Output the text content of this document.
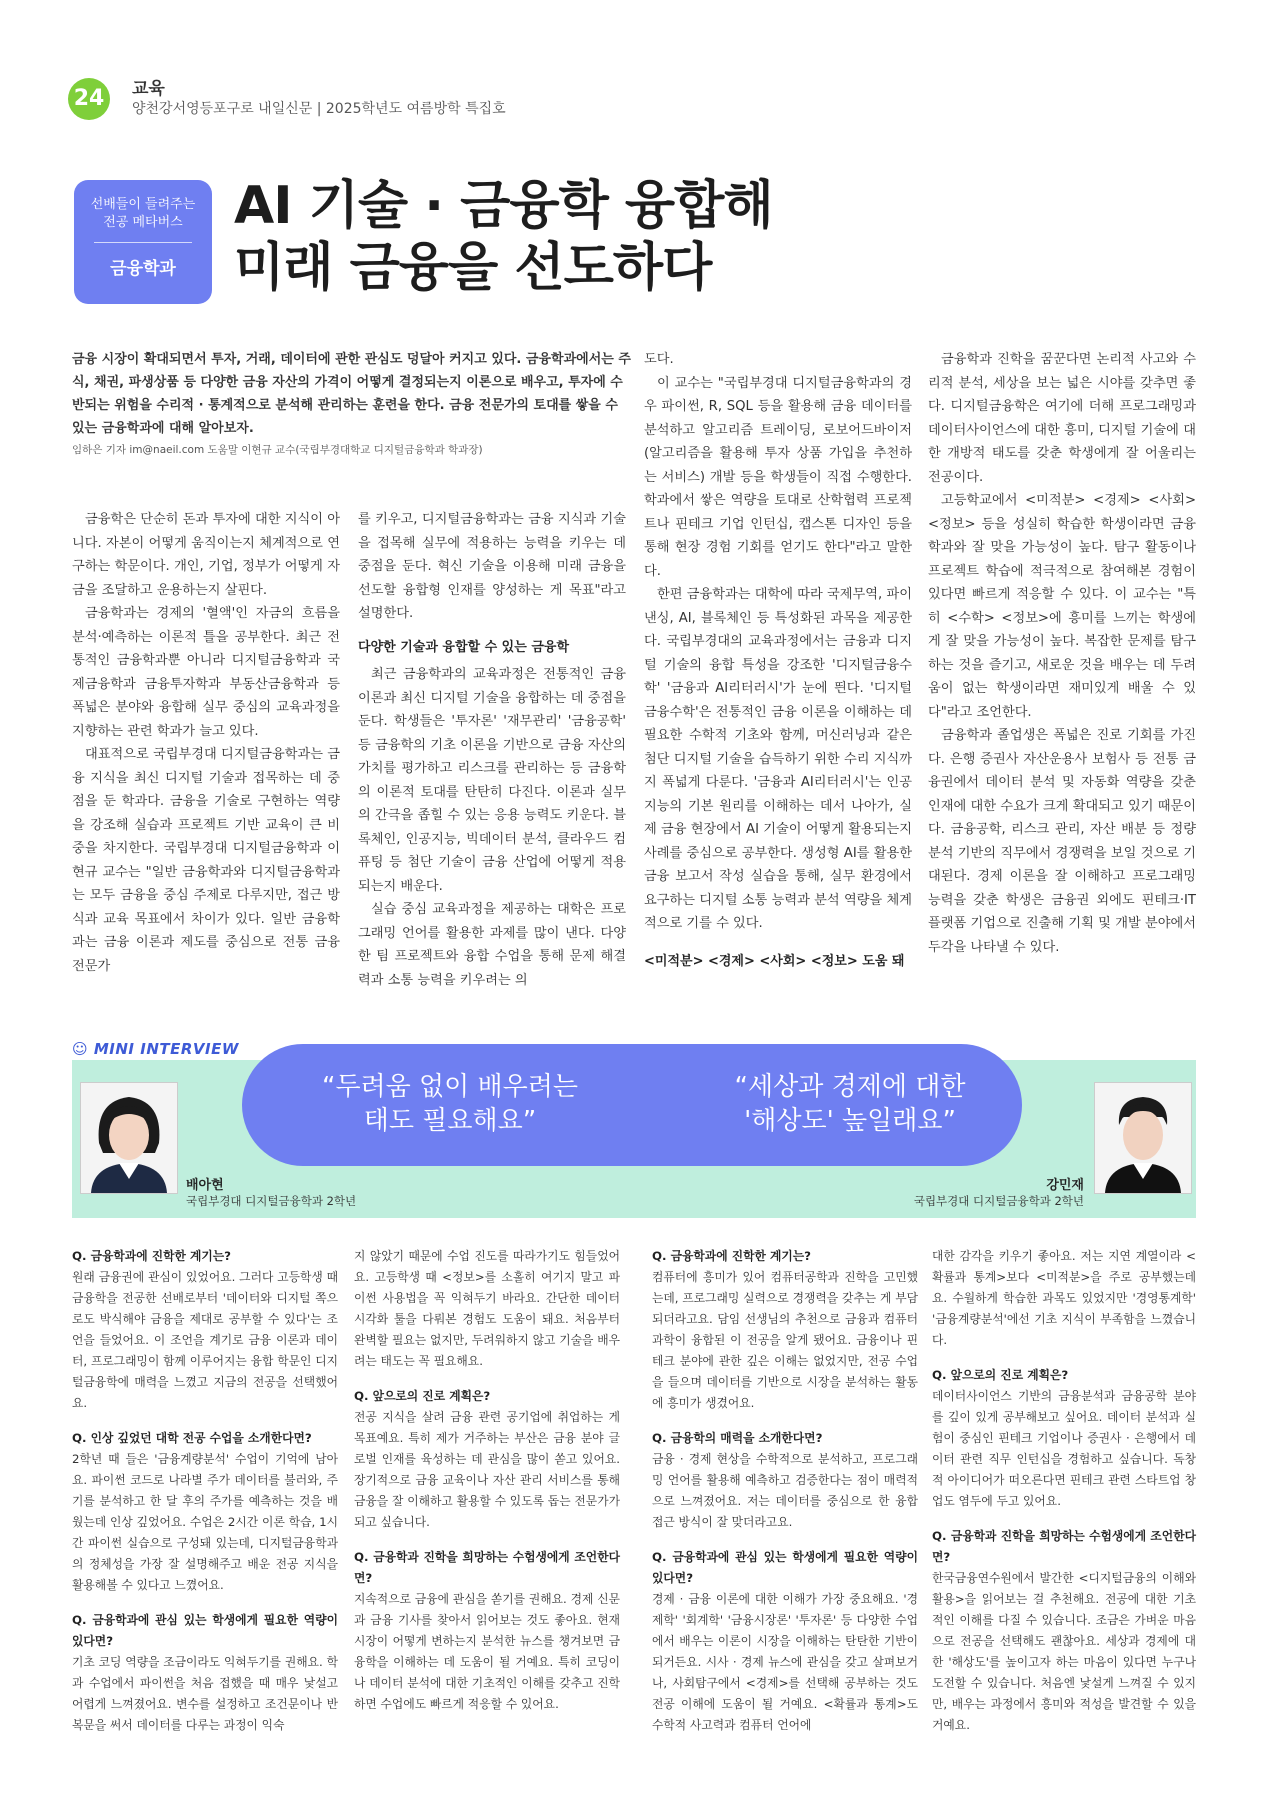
24	교육
양천강서영등포구로 내일신문 | 2025학년도 여름방학 특집호
선배들이 들려주는
전공 메타버스
금융학과
AI 기술 · 금융학 융합해
미래 금융을 선도하다
금융 시장이 확대되면서 투자, 거래, 데이터에 관한 관심도 덩달아 커지고 있다. 금융학과에서는 주식, 채권, 파생상품 등 다양한 금융 자산의 가격이 어떻게 결정되는지 이론으로 배우고, 투자에 수반되는 위험을 수리적 · 통계적으로 분석해 관리하는 훈련을 한다. 금융 전문가의 토대를 쌓을 수 있는 금융학과에 대해 알아보자.
임하은 기자 im@naeil.com 도움말 이현규 교수(국립부경대학교 디지털금융학과 학과장)

금융학은 단순히 돈과 투자에 대한 지식이 아니다. 자본이 어떻게 움직이는지 체계적으로 연구하는 학문이다. 개인, 기업, 정부가 어떻게 자금을 조달하고 운용하는지 살핀다.

금융학과는 경제의 '혈액'인 자금의 흐름을 분석·예측하는 이론적 틀을 공부한다. 최근 전통적인 금융학과뿐 아니라 디지털금융학과 국제금융학과 금융투자학과 부동산금융학과 등 폭넓은 분야와 융합해 실무 중심의 교육과정을 지향하는 관련 학과가 늘고 있다.

대표적으로 국립부경대 디지털금융학과는 금융 지식을 최신 디지털 기술과 접목하는 데 중점을 둔 학과다. 금융을 기술로 구현하는 역량을 강조해 실습과 프로젝트 기반 교육이 큰 비중을 차지한다. 국립부경대 디지털금융학과 이현규 교수는 "일반 금융학과와 디지털금융학과는 모두 금융을 중심 주제로 다루지만, 접근 방식과 교육 목표에서 차이가 있다. 일반 금융학과는 금융 이론과 제도를 중심으로 전통 금융 전문가

를 키우고, 디지털금융학과는 금융 지식과 기술을 접목해 실무에 적용하는 능력을 키우는 데 중점을 둔다. 혁신 기술을 이용해 미래 금융을 선도할 융합형 인재를 양성하는 게 목표"라고 설명한다.

다양한 기술과 융합할 수 있는 금융학

최근 금융학과의 교육과정은 전통적인 금융 이론과 최신 디지털 기술을 융합하는 데 중점을 둔다. 학생들은 '투자론' '재무관리' '금융공학' 등 금융학의 기초 이론을 기반으로 금융 자산의 가치를 평가하고 리스크를 관리하는 등 금융학의 이론적 토대를 탄탄히 다진다. 이론과 실무의 간극을 좁힐 수 있는 응용 능력도 키운다. 블록체인, 인공지능, 빅데이터 분석, 클라우드 컴퓨팅 등 첨단 기술이 금융 산업에 어떻게 적용되는지 배운다.

실습 중심 교육과정을 제공하는 대학은 프로그래밍 언어를 활용한 과제를 많이 낸다. 다양한 팀 프로젝트와 융합 수업을 통해 문제 해결력과 소통 능력을 키우려는 의

도다.

이 교수는 "국립부경대 디지털금융학과의 경우 파이썬, R, SQL 등을 활용해 금융 데이터를 분석하고 알고리즘 트레이딩, 로보어드바이저(알고리즘을 활용해 투자 상품 가입을 추천하는 서비스) 개발 등을 학생들이 직접 수행한다. 학과에서 쌓은 역량을 토대로 산학협력 프로젝트나 핀테크 기업 인턴십, 캡스톤 디자인 등을 통해 현장 경험 기회를 얻기도 한다"라고 말한다.

한편 금융학과는 대학에 따라 국제무역, 파이낸싱, AI, 블록체인 등 특성화된 과목을 제공한다. 국립부경대의 교육과정에서는 금융과 디지털 기술의 융합 특성을 강조한 '디지털금융수학' '금융과 AI리터러시'가 눈에 띈다. '디지털금융수학'은 전통적인 금융 이론을 이해하는 데 필요한 수학적 기초와 함께, 머신러닝과 같은 첨단 디지털 기술을 습득하기 위한 수리 지식까지 폭넓게 다룬다. '금융과 AI리터러시'는 인공지능의 기본 원리를 이해하는 데서 나아가, 실제 금융 현장에서 AI 기술이 어떻게 활용되는지 사례를 중심으로 공부한다. 생성형 AI를 활용한 금융 보고서 작성 실습을 통해, 실무 환경에서 요구하는 디지털 소통 능력과 분석 역량을 체계적으로 기를 수 있다.

<미적분> <경제> <사회> <정보> 도움 돼

금융학과 진학을 꿈꾼다면 논리적 사고와 수리적 분석, 세상을 보는 넓은 시야를 갖추면 좋다. 디지털금융학은 여기에 더해 프로그래밍과 데이터사이언스에 대한 흥미, 디지털 기술에 대한 개방적 태도를 갖춘 학생에게 잘 어울리는 전공이다.

고등학교에서 <미적분> <경제> <사회> <정보> 등을 성실히 학습한 학생이라면 금융학과와 잘 맞을 가능성이 높다. 탐구 활동이나 프로젝트 학습에 적극적으로 참여해본 경험이 있다면 빠르게 적응할 수 있다. 이 교수는 "특히 <수학> <정보>에 흥미를 느끼는 학생에게 잘 맞을 가능성이 높다. 복잡한 문제를 탐구하는 것을 즐기고, 새로운 것을 배우는 데 두려움이 없는 학생이라면 재미있게 배울 수 있다"라고 조언한다.

금융학과 졸업생은 폭넓은 진로 기회를 가진다. 은행 증권사 자산운용사 보험사 등 전통 금융권에서 데이터 분석 및 자동화 역량을 갖춘 인재에 대한 수요가 크게 확대되고 있기 때문이다. 금융공학, 리스크 관리, 자산 배분 등 정량 분석 기반의 직무에서 경쟁력을 보일 것으로 기대된다. 경제 이론을 잘 이해하고 프로그래밍 능력을 갖춘 학생은 금융권 외에도 핀테크·IT 플랫폼 기업으로 진출해 기획 및 개발 분야에서 두각을 나타낼 수 있다.

☺ MINI INTERVIEW
“두려움 없이 배우려는
태도 필요해요”
“세상과 경제에 대한
'해상도' 높일래요”
배아현
국립부경대 디지털금융학과 2학년
강민재
국립부경대 디지털금융학과 2학년
Q. 금융학과에 진학한 계기는?

원래 금융권에 관심이 있었어요. 그러다 고등학생 때 금융학을 전공한 선배로부터 '데이터와 디지털 쪽으로도 박식해야 금융을 제대로 공부할 수 있다'는 조언을 들었어요. 이 조언을 계기로 금융 이론과 데이터, 프로그래밍이 함께 이루어지는 융합 학문인 디지털금융학에 매력을 느꼈고 지금의 전공을 선택했어요.

Q. 인상 깊었던 대학 전공 수업을 소개한다면?

2학년 때 들은 '금융계량분석' 수업이 기억에 남아요. 파이썬 코드로 나라별 주가 데이터를 불러와, 주기를 분석하고 한 달 후의 주가를 예측하는 것을 배웠는데 인상 깊었어요. 수업은 2시간 이론 학습, 1시간 파이썬 실습으로 구성돼 있는데, 디지털금융학과의 정체성을 가장 잘 설명해주고 배운 전공 지식을 활용해볼 수 있다고 느꼈어요.

Q. 금융학과에 관심 있는 학생에게 필요한 역량이 있다면?

기초 코딩 역량을 조금이라도 익혀두기를 권해요. 학과 수업에서 파이썬을 처음 접했을 때 매우 낯설고 어렵게 느껴졌어요. 변수를 설정하고 조건문이나 반복문을 써서 데이터를 다루는 과정이 익숙

지 않았기 때문에 수업 진도를 따라가기도 힘들었어요. 고등학생 때 <정보>를 소홀히 여기지 말고 파이썬 사용법을 꼭 익혀두기 바라요. 간단한 데이터 시각화 툴을 다뤄본 경험도 도움이 돼요. 처음부터 완벽할 필요는 없지만, 두려워하지 않고 기술을 배우려는 태도는 꼭 필요해요.

Q. 앞으로의 진로 계획은?

전공 지식을 살려 금융 관련 공기업에 취업하는 게 목표예요. 특히 제가 거주하는 부산은 금융 분야 글로벌 인재를 육성하는 데 관심을 많이 쏟고 있어요. 장기적으로 금융 교육이나 자산 관리 서비스를 통해 금융을 잘 이해하고 활용할 수 있도록 돕는 전문가가 되고 싶습니다.

Q. 금융학과 진학을 희망하는 수험생에게 조언한다면?

지속적으로 금융에 관심을 쏟기를 권해요. 경제 신문과 금융 기사를 찾아서 읽어보는 것도 좋아요. 현재 시장이 어떻게 변하는지 분석한 뉴스를 챙겨보면 금융학을 이해하는 데 도움이 될 거예요. 특히 코딩이나 데이터 분석에 대한 기초적인 이해를 갖추고 진학하면 수업에도 빠르게 적응할 수 있어요.

Q. 금융학과에 진학한 계기는?

컴퓨터에 흥미가 있어 컴퓨터공학과 진학을 고민했는데, 프로그래밍 실력으로 경쟁력을 갖추는 게 부담되더라고요. 담임 선생님의 추천으로 금융과 컴퓨터과학이 융합된 이 전공을 알게 됐어요. 금융이나 핀테크 분야에 관한 깊은 이해는 없었지만, 전공 수업을 들으며 데이터를 기반으로 시장을 분석하는 활동에 흥미가 생겼어요.

Q. 금융학의 매력을 소개한다면?

금융 · 경제 현상을 수학적으로 분석하고, 프로그래밍 언어를 활용해 예측하고 검증한다는 점이 매력적으로 느껴졌어요. 저는 데이터를 중심으로 한 융합 접근 방식이 잘 맞더라고요.

Q. 금융학과에 관심 있는 학생에게 필요한 역량이 있다면?

경제 · 금융 이론에 대한 이해가 가장 중요해요. '경제학' '회계학' '금융시장론' '투자론' 등 다양한 수업에서 배우는 이론이 시장을 이해하는 탄탄한 기반이 되거든요. 시사 · 경제 뉴스에 관심을 갖고 살펴보거나, 사회탐구에서 <경제>를 선택해 공부하는 것도 전공 이해에 도움이 될 거예요. <확률과 통계>도 수학적 사고력과 컴퓨터 언어에

대한 감각을 키우기 좋아요. 저는 지연 계열이라 <확률과 통계>보다 <미적분>을 주로 공부했는데요. 수월하게 학습한 과목도 있었지만 '경영통계학' '금융계량분석'에선 기초 지식이 부족함을 느꼈습니다.

Q. 앞으로의 진로 계획은?

데이터사이언스 기반의 금융분석과 금융공학 분야를 깊이 있게 공부해보고 싶어요. 데이터 분석과 실험이 중심인 핀테크 기업이나 증권사 · 은행에서 데이터 관련 직무 인턴십을 경험하고 싶습니다. 독창적 아이디어가 떠오른다면 핀테크 관련 스타트업 창업도 염두에 두고 있어요.

Q. 금융학과 진학을 희망하는 수험생에게 조언한다면?

한국금융연수원에서 발간한 <디지털금융의 이해와 활용>을 읽어보는 걸 추천해요. 전공에 대한 기초적인 이해를 다질 수 있습니다. 조금은 가벼운 마음으로 전공을 선택해도 괜찮아요. 세상과 경제에 대한 '해상도'를 높이고자 하는 마음이 있다면 누구나 도전할 수 있습니다. 처음엔 낯설게 느껴질 수 있지만, 배우는 과정에서 흥미와 적성을 발견할 수 있을 거예요.
